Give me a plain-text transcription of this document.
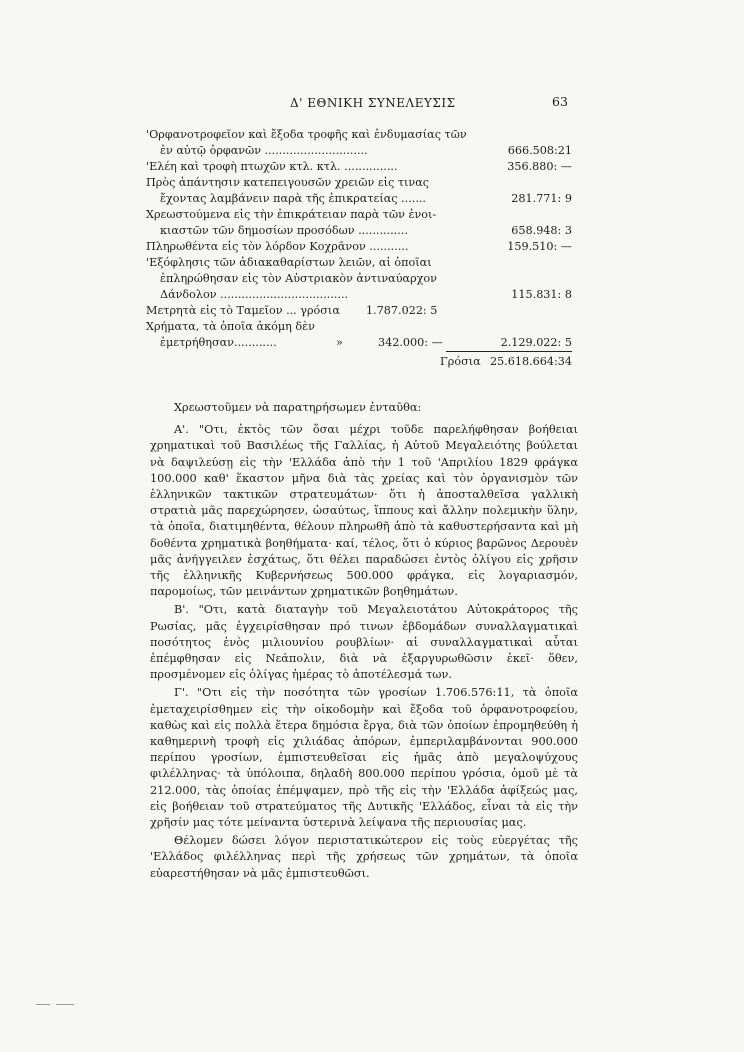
Δ' ΕΘΝΙΚΗ ΣΥΝΕΛΕΥΣΙΣ	63
'Ορφανοτροφεῖον καὶ ἔξοδα τροφῆς καὶ ἐνδυμασίας τῶν
ἐν αὐτῷ ὀρφανῶν .............................	666.508:21
'Ελέη καὶ τροφὴ πτωχῶν κτλ. κτλ. ...............	356.880: —
Πρὸς ἀπάντησιν κατεπειγουσῶν χρειῶν εἰς τινας
ἔχοντας λαμβάνειν παρὰ τῆς ἐπικρατείας .......	281.771: 9
Χρεωστούμενα εἰς τὴν ἐπικράτειαν παρὰ τῶν ἐνοι-
κιαστῶν τῶν δημοσίων προσόδων ..............	658.948: 3
Πληρωθέντα εἰς τὸν λόρδον Κοχρᾶνον ...........	159.510: —
'Εξόφλησις τῶν ἀδιακαθαρίστων λειῶν, αἱ ὁποῖαι
ἐπληρώθησαν εἰς τὸν Αὐστριακὸν ἀντιναύαρχον
Δάνδολον ....................................	115.831: 8
Μετρητὰ εἰς τὸ Ταμεῖον ... γρόσια 1.787.022: 5
Χρήματα, τὰ ὁποῖα ἀκόμη δὲν
ἐμετρήθησαν............	»	342.000: —	2.129.022: 5
Γρόσια 25.618.664:34

Χρεωστοῦμεν νὰ παρατηρήσωμεν ἐνταῦθα:

Α'. "Οτι, ἐκτὸς τῶν ὅσαι μέχρι τοῦδε παρελήφθησαν βοήθειαι χρηματικαὶ τοῦ Βασιλέως τῆς Γαλλίας, ἡ Αὐτοῦ Μεγαλειότης βούλεται νὰ δαψιλεύσῃ εἰς τὴν 'Ελλάδα ἀπὸ τὴν 1 τοῦ 'Απριλίου 1829 φράγκα 100.000 καθ' ἕκαστον μῆνα διὰ τὰς χρείας καὶ τὸν ὀργανισμὸν τῶν ἑλληνικῶν τακτικῶν στρατευμάτων· ὅτι ἡ ἀποσταλθεῖσα γαλλικὴ στρατιὰ μᾶς παρεχώρησεν, ὡσαύτως, ἵππους καὶ ἄλλην πολεμικὴν ὕλην, τὰ ὁποῖα, διατιμηθέντα, θέλουν πληρωθῆ ἀπὸ τὰ καθυστερήσαντα καὶ μὴ δοθέντα χρηματικὰ βοηθήματα· καί, τέλος, ὅτι ὁ κύριος βαρῶνος Δερουὲν μᾶς ἀνήγγειλεν ἐσχάτως, ὅτι θέλει παραδώσει ἐντὸς ὀλίγου εἰς χρῆσιν τῆς ἑλληνικῆς Κυβερνήσεως 500.000 φράγκα, εἰς λογαριασμόν, παρομοίως, τῶν μεινάντων χρηματικῶν βοηθημάτων.

Β'. "Οτι, κατὰ διαταγὴν τοῦ Μεγαλειοτάτου Αὐτοκράτορος τῆς Ρωσίας, μᾶς ἐγχειρίσθησαν πρό τινων ἑβδομάδων συναλλαγματικαὶ ποσότητος ἑνὸς μιλιουνίου ρουβλίων· αἱ συναλλαγματικαὶ αὗται ἐπέμφθησαν εἰς Νεάπολιν, διὰ νὰ ἐξαργυρωθῶσιν ἐκεῖ· ὅθεν, προσμένομεν εἰς ὀλίγας ἡμέρας τὸ ἀποτέλεσμά των.

Γ'. "Οτι εἰς τὴν ποσότητα τῶν γροσίων 1.706.576:11, τὰ ὁποῖα ἐμεταχειρίσθημεν εἰς τὴν οἰκοδομὴν καὶ ἔξοδα τοῦ ὀρφανοτροφείου, καθὼς καὶ εἰς πολλὰ ἕτερα δημόσια ἔργα, διὰ τῶν ὁποίων ἐπρομηθεύθη ἡ καθημερινὴ τροφὴ εἰς χιλιάδας ἀπόρων, ἐμπεριλαμβάνονται 900.000 περίπου γροσίων, ἐμπιστευθεῖσαι εἰς ἡμᾶς ἀπὸ μεγαλοψύχους φιλέλληνας· τὰ ὑπόλοιπα, δηλαδὴ 800.000 περίπου γρόσια, ὁμοῦ μὲ τὰ 212.000, τὰς ὁποίας ἐπέμψαμεν, πρὸ τῆς εἰς τὴν 'Ελλάδα ἀφίξεώς μας, εἰς βοήθειαν τοῦ στρατεύματος τῆς Δυτικῆς 'Ελλάδος, εἶναι τὰ εἰς τὴν χρῆσίν μας τότε μείναντα ὑστερινὰ λείψανα τῆς περιουσίας μας.

Θέλομεν δώσει λόγον περιστατικώτερον εἰς τοὺς εὐεργέτας τῆς 'Ελλάδος φιλέλληνας περὶ τῆς χρήσεως τῶν χρημάτων, τὰ ὁποῖα εὐαρεστήθησαν νὰ μᾶς ἐμπιστευθῶσι.
